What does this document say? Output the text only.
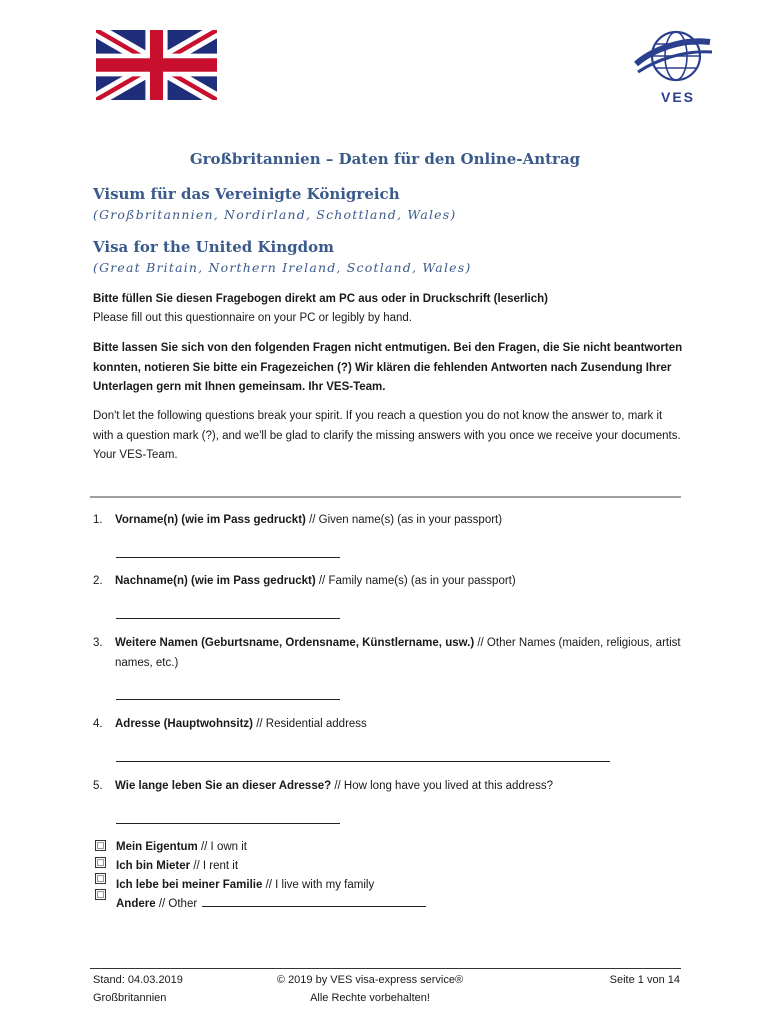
VES
Großbritannien – Daten für den Online-Antrag
Visum für das Vereinigte Königreich
(Großbritannien, Nordirland, Schottland, Wales)
Visa for the United Kingdom
(Great Britain, Northern Ireland, Scotland, Wales)
Bitte füllen Sie diesen Fragebogen direkt am PC aus oder in Druckschrift (leserlich)
Please fill out this questionnaire on your PC or legibly by hand.
Bitte lassen Sie sich von den folgenden Fragen nicht entmutigen. Bei den Fragen, die Sie nicht beantworten konnten, notieren Sie bitte ein Fragezeichen (?) Wir klären die fehlenden Antworten nach Zusendung Ihrer Unterlagen gern mit Ihnen gemeinsam. Ihr VES-Team.
Don't let the following questions break your spirit. If you reach a question you do not know the answer to, mark it with a question mark (?), and we'll be glad to clarify the missing answers with you once we receive your documents. Your VES-Team.
1.	Vorname(n) (wie im Pass gedruckt) // Given name(s) (as in your passport)
2.	Nachname(n) (wie im Pass gedruckt) // Family name(s) (as in your passport)
3.	Weitere Namen (Geburtsname, Ordensname, Künstlername, usw.) // Other Names (maiden, religious, artist names, etc.)
4.	Adresse (Hauptwohnsitz) // Residential address
5.	Wie lange leben Sie an dieser Adresse? // How long have you lived at this address?
Mein Eigentum // I own it
Ich bin Mieter // I rent it
Ich lebe bei meiner Familie // I live with my family
Andere // Other
Stand: 04.03.2019
Großbritannien
© 2019 by VES visa-express service®
Alle Rechte vorbehalten!
Seite 1 von 14
